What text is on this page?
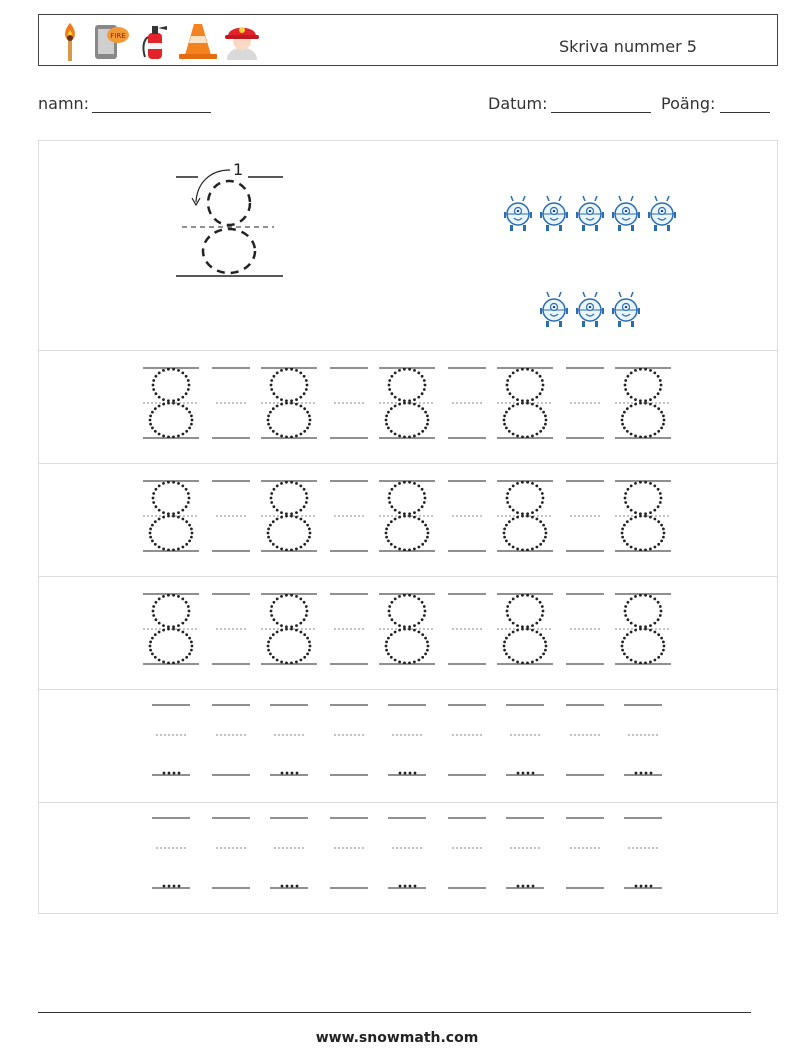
FIRE
Skriva nummer 5
namn:	Datum:	Poäng:
1
www.snowmath.com
